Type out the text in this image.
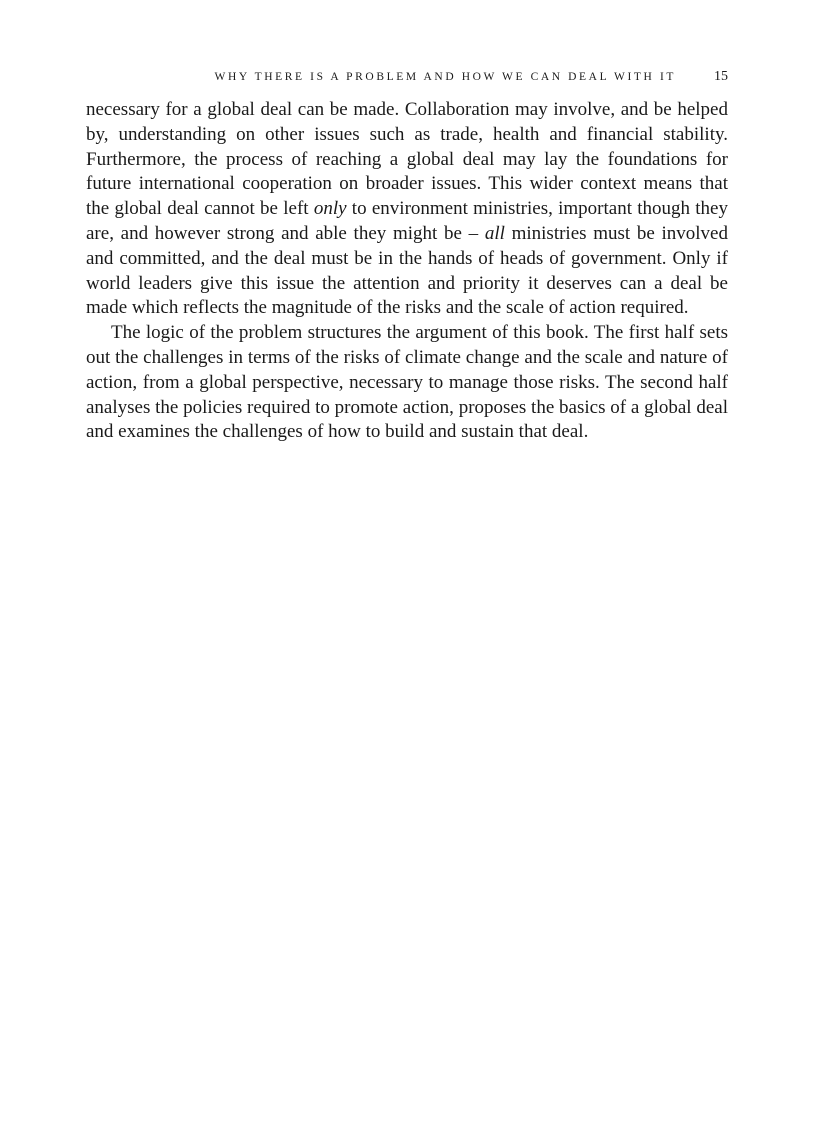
WHY THERE IS A PROBLEM AND HOW WE CAN DEAL WITH IT	15

necessary for a global deal can be made. Collaboration may involve, and be helped by, understanding on other issues such as trade, health and financial stability. Furthermore, the process of reaching a global deal may lay the foundations for future international cooperation on broader issues. This wider context means that the global deal cannot be left only to environment ministries, important though they are, and however strong and able they might be – all ministries must be involved and committed, and the deal must be in the hands of heads of government. Only if world leaders give this issue the attention and priority it deserves can a deal be made which reflects the magnitude of the risks and the scale of action required.

The logic of the problem structures the argument of this book. The first half sets out the challenges in terms of the risks of climate change and the scale and nature of action, from a global perspective, necessary to manage those risks. The second half analyses the policies required to promote action, proposes the basics of a global deal and examines the challenges of how to build and sustain that deal.
